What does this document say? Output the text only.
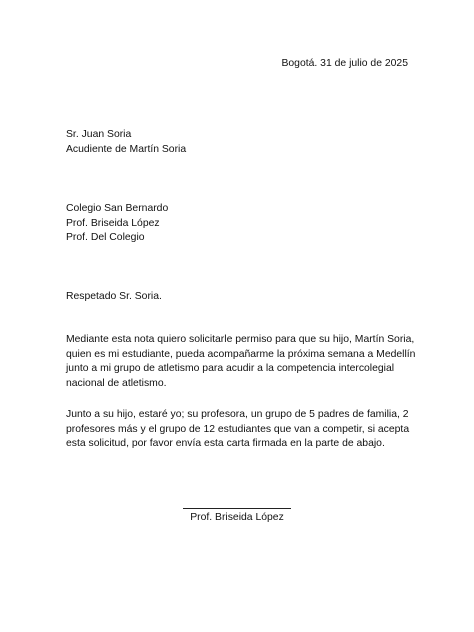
Bogotá. 31 de julio de 2025
Sr. Juan Soria
Acudiente de Martín Soria
Colegio San Bernardo
Prof. Briseida López
Prof. Del Colegio
Respetado Sr. Soria.
Mediante esta nota quiero solicitarle permiso para que su hijo, Martín Soria,
quien es mi estudiante, pueda acompañarme la próxima semana a Medellín
junto a mi grupo de atletismo para acudir a la competencia intercolegial
nacional de atletismo.
Junto a su hijo, estaré yo; su profesora, un grupo de 5 padres de familia, 2
profesores más y el grupo de 12 estudiantes que van a competir, si acepta
esta solicitud, por favor envía esta carta firmada en la parte de abajo.
Prof. Briseida López
